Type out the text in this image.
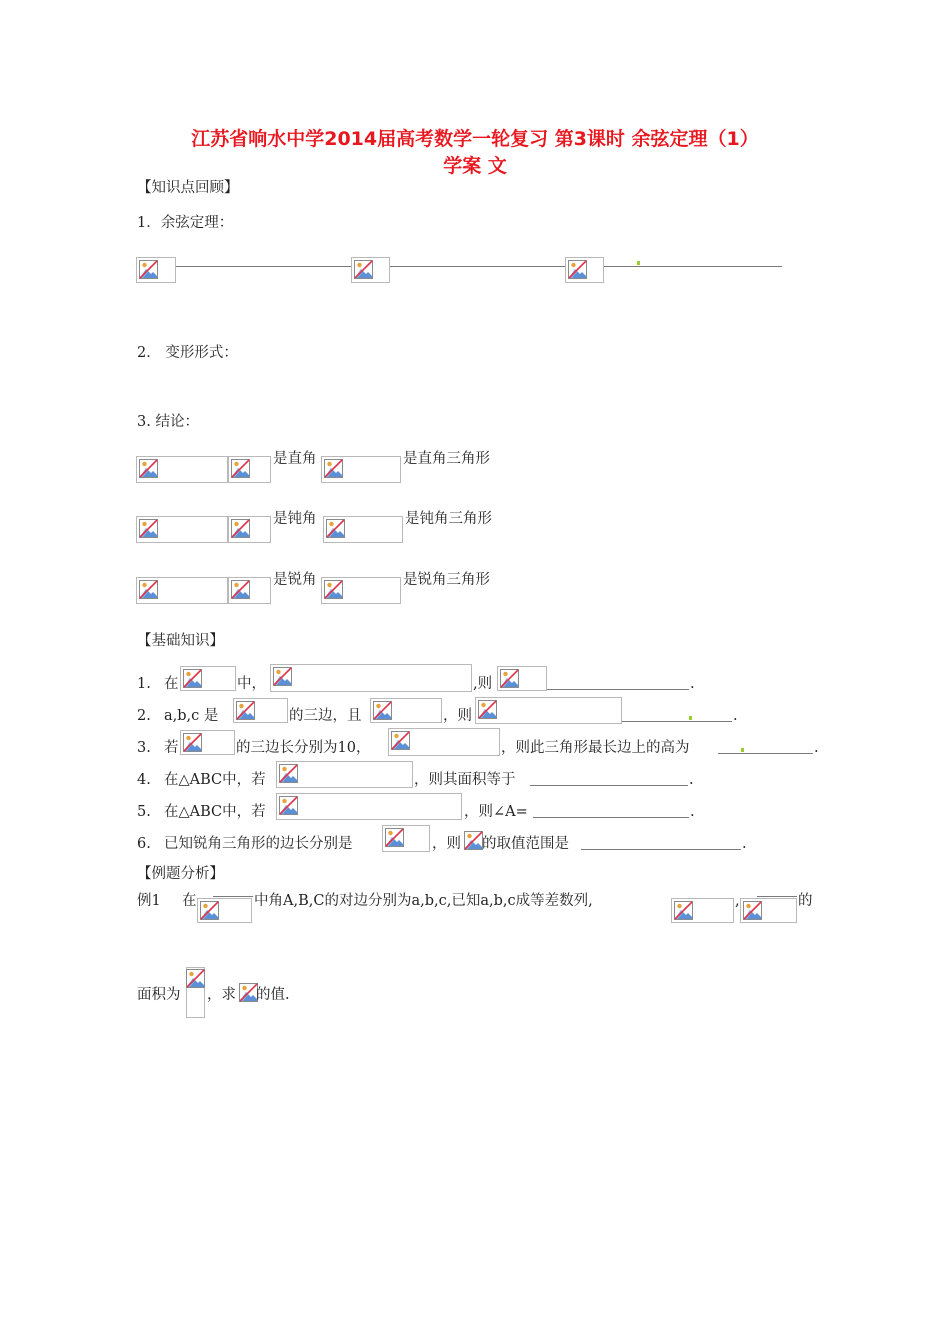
江苏省响水中学2014届高考数学一轮复习 第3课时 余弦定理（1）
学案 文
【知识点回顾】
1．余弦定理：
2． 变形形式：
3. 结论：
是直角	是直角三角形
是钝角	是钝角三角形
是锐角	是锐角三角形
【基础知识】
1. 在	中，	,则	.
2. a,b,c 是	的三边，且	，则	.
3. 若	的三边长分别为10，	，则此三角形最长边上的高为	.
4. 在△ABC中，若	，则其面积等于	.
5. 在△ABC中，若	，则∠A=	.
6. 已知锐角三角形的边长分别是	，则 的取值范围是	.
【例题分析】
例1 在	中角A,B,C的对边分别为a,b,c,已知a,b,c成等差数列,	,	的
面积为 ，求 的值.
